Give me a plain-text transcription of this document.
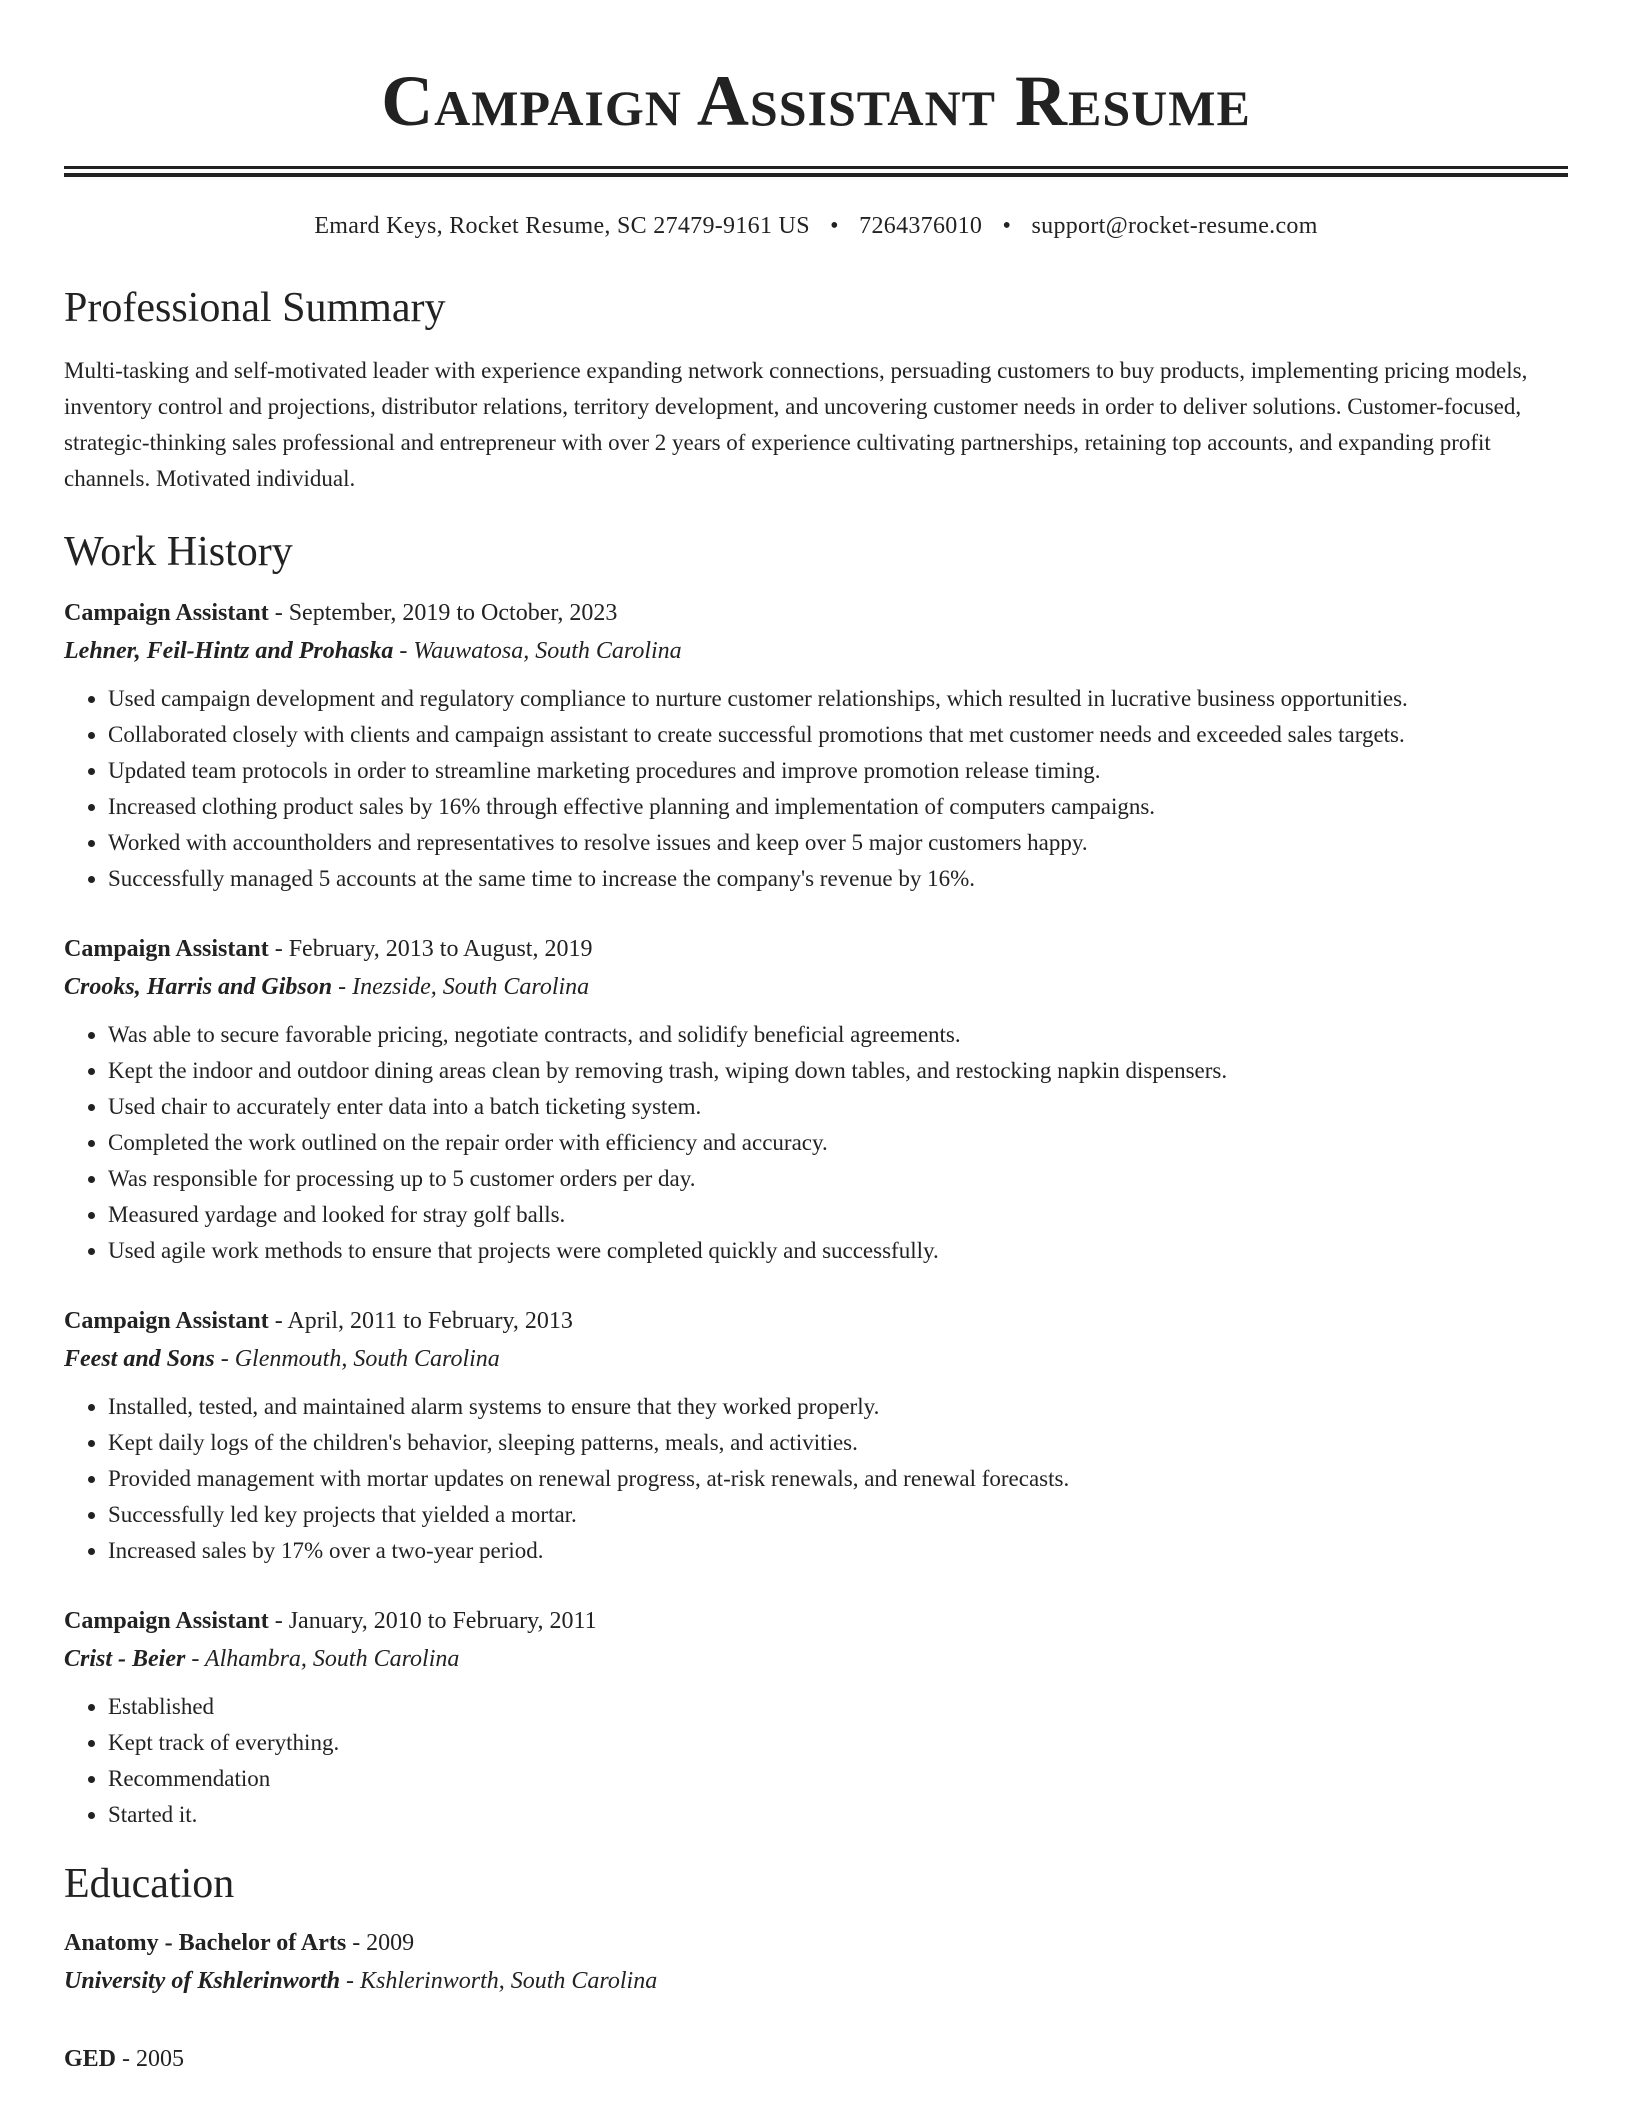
Campaign Assistant Resume
Emard Keys, Rocket Resume, SC 27479-9161 US • 7264376010 • support@rocket-resume.com
Professional Summary

Multi-tasking and self-motivated leader with experience expanding network connections, persuading customers to buy products, implementing pricing models, inventory control and projections, distributor relations, territory development, and uncovering customer needs in order to deliver solutions. Customer-focused, strategic-thinking sales professional and entrepreneur with over 2 years of experience cultivating partnerships, retaining top accounts, and expanding profit channels. Motivated individual.

Work History
Campaign Assistant - September, 2019 to October, 2023
Lehner, Feil-Hintz and Prohaska - Wauwatosa, South Carolina
• Used campaign development and regulatory compliance to nurture customer relationships, which resulted in lucrative business opportunities.
• Collaborated closely with clients and campaign assistant to create successful promotions that met customer needs and exceeded sales targets.
• Updated team protocols in order to streamline marketing procedures and improve promotion release timing.
• Increased clothing product sales by 16% through effective planning and implementation of computers campaigns.
• Worked with accountholders and representatives to resolve issues and keep over 5 major customers happy.
• Successfully managed 5 accounts at the same time to increase the company's revenue by 16%.
Campaign Assistant - February, 2013 to August, 2019
Crooks, Harris and Gibson - Inezside, South Carolina
• Was able to secure favorable pricing, negotiate contracts, and solidify beneficial agreements.
• Kept the indoor and outdoor dining areas clean by removing trash, wiping down tables, and restocking napkin dispensers.
• Used chair to accurately enter data into a batch ticketing system.
• Completed the work outlined on the repair order with efficiency and accuracy.
• Was responsible for processing up to 5 customer orders per day.
• Measured yardage and looked for stray golf balls.
• Used agile work methods to ensure that projects were completed quickly and successfully.
Campaign Assistant - April, 2011 to February, 2013
Feest and Sons - Glenmouth, South Carolina
• Installed, tested, and maintained alarm systems to ensure that they worked properly.
• Kept daily logs of the children's behavior, sleeping patterns, meals, and activities.
• Provided management with mortar updates on renewal progress, at-risk renewals, and renewal forecasts.
• Successfully led key projects that yielded a mortar.
• Increased sales by 17% over a two-year period.
Campaign Assistant - January, 2010 to February, 2011
Crist - Beier - Alhambra, South Carolina
• Established
• Kept track of everything.
• Recommendation
• Started it.
Education
Anatomy - Bachelor of Arts - 2009
University of Kshlerinworth - Kshlerinworth, South Carolina
GED - 2005
